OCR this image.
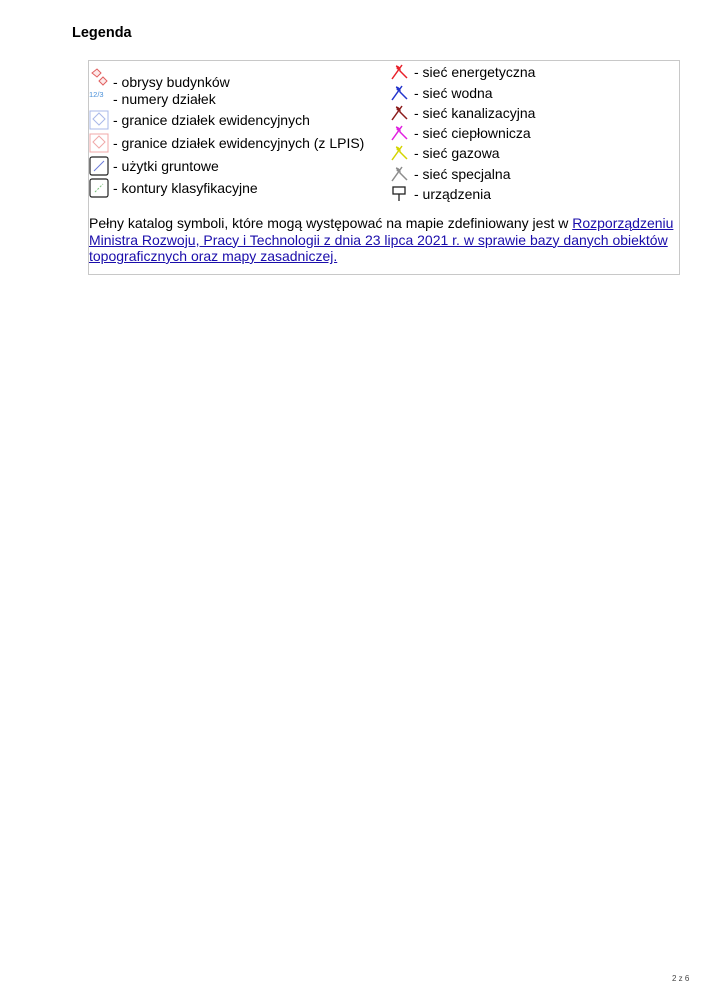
Legenda
- obrysy budynków
12/3 - numery działek
- granice działek ewidencyjnych
- granice działek ewidencyjnych (z LPIS)
- użytki gruntowe
- kontury klasyfikacyjne
- sieć energetyczna
- sieć wodna
- sieć kanalizacyjna
- sieć ciepłownicza
- sieć gazowa
- sieć specjalna
- urządzenia
Pełny katalog symboli, które mogą występować na mapie zdefiniowany jest w Rozporządzeniu Ministra Rozwoju, Pracy i Technologii z dnia 23 lipca 2021 r. w sprawie bazy danych obiektów topograficznych oraz mapy zasadniczej.
2 z 6
